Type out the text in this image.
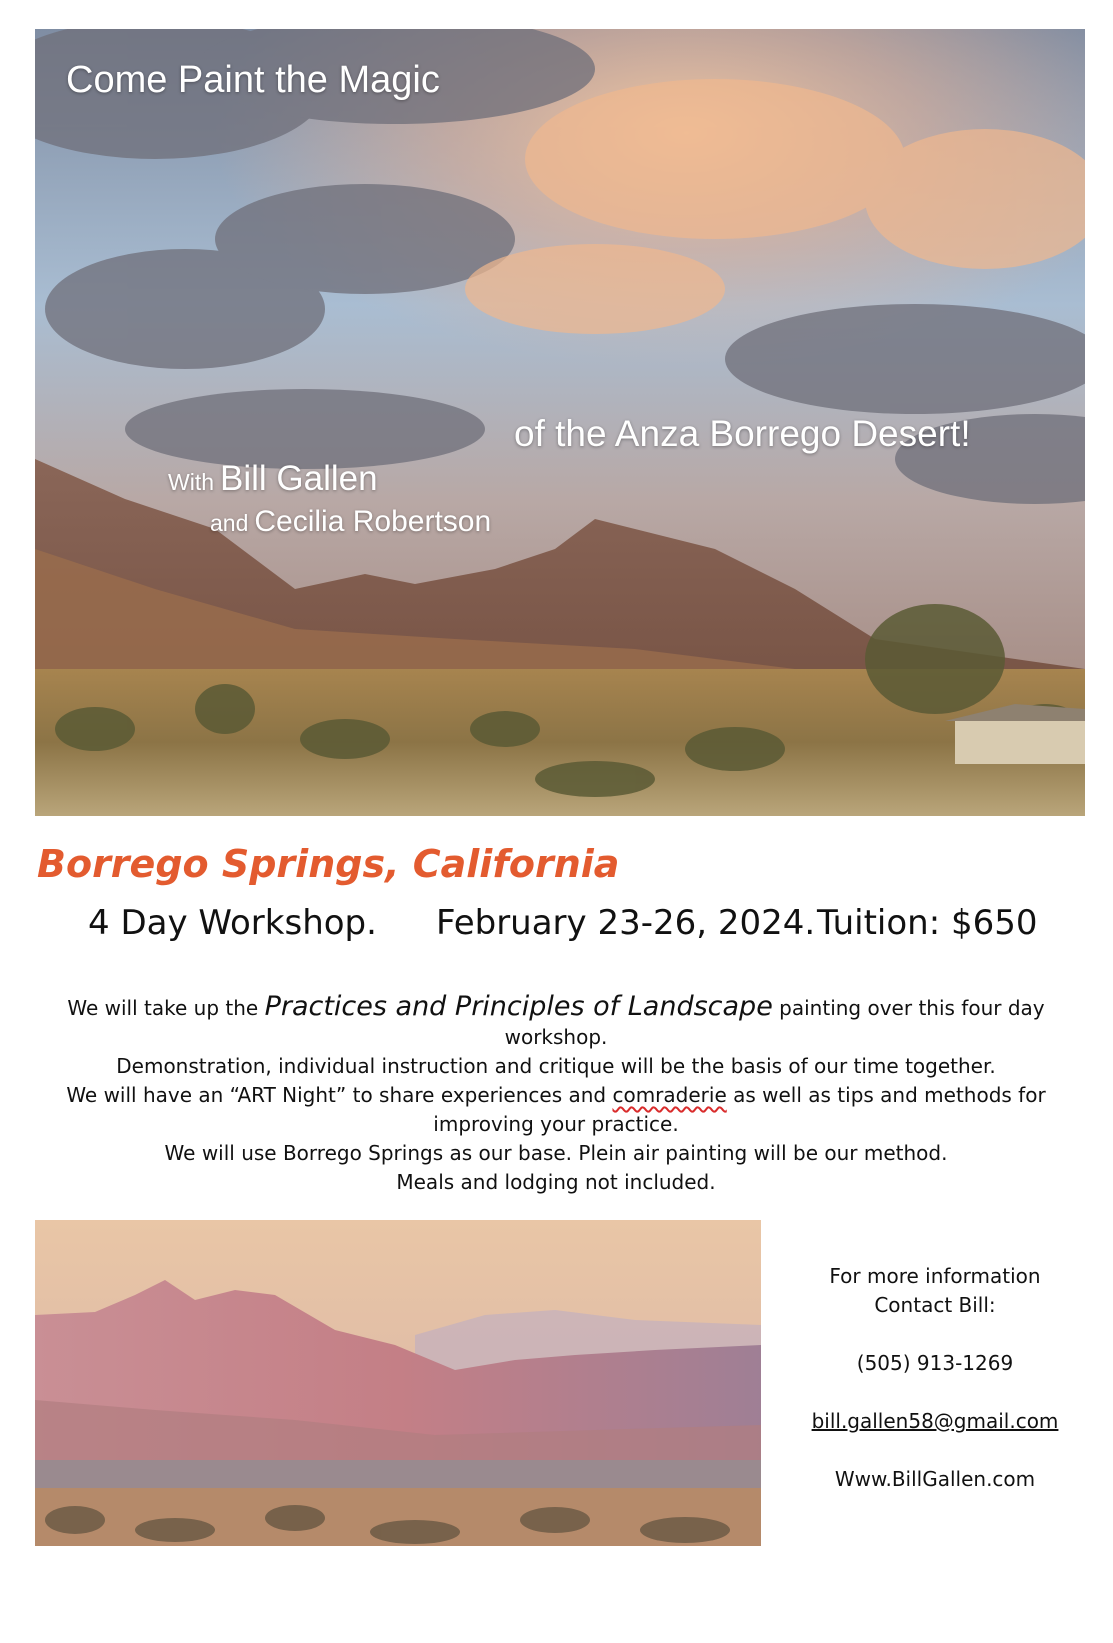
Come Paint the Magic
of the Anza Borrego Desert!
With Bill Gallen
and Cecilia Robertson
Borrego Springs, California
4 Day Workshop. February 23-26, 2024. Tuition: $650

We will take up the Practices and Principles of Landscape painting over this four day workshop.

Demonstration, individual instruction and critique will be the basis of our time together.

We will have an “ART Night” to share experiences and comraderie as well as tips and methods for

improving your practice.

We will use Borrego Springs as our base. Plein air painting will be our method.

Meals and lodging not included.

For more information
Contact Bill:
(505) 913-1269
bill.gallen58@gmail.com
Www.BillGallen.com
